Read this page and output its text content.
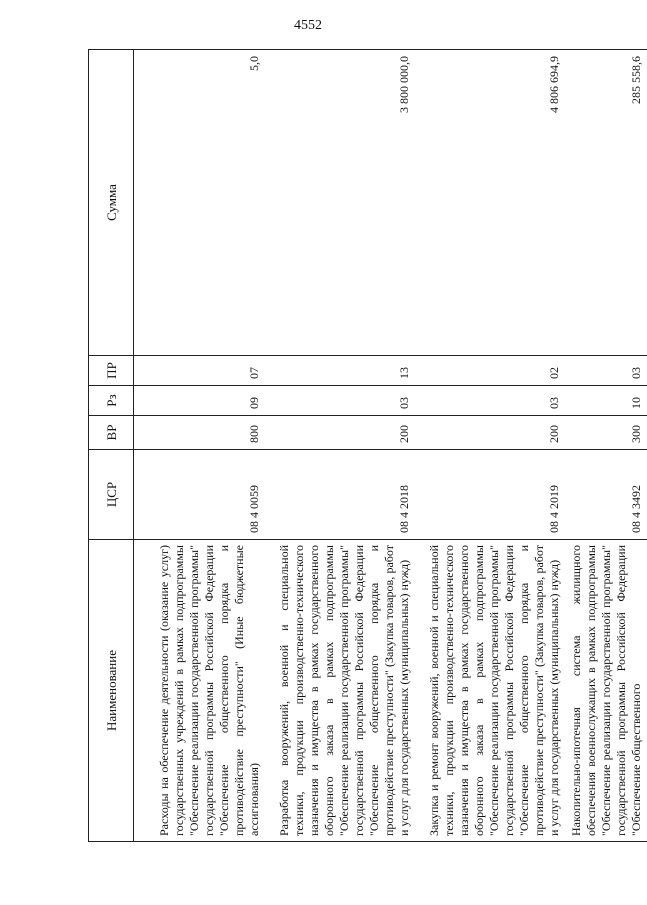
4552
Наименование	ЦСР	ВР	Рз	ПР	Сумма
Расходы на обеспечение деятельности (оказание услуг) государственных учреждений в рамках подпрограммы "Обеспечение реализации государственной программы" государственной программы Российской Федерации "Обеспечение общественного порядка и противодействие преступности" (Иные бюджетные ассигнования)	08 4 0059	800	09	07	5,0
Разработка вооружений, военной и специальной техники, продукции производственно-технического назначения и имущества в рамках государственного оборонного заказа в рамках подпрограммы "Обеспечение реализации государственной программы" государственной программы Российской Федерации "Обеспечение общественного порядка и противодействие преступности" (Закупка товаров, работ и услуг для государственных (муниципальных) нужд)	08 4 2018	200	03	13	3 800 000,0
Закупка и ремонт вооружений, военной и специальной техники, продукции производственно-технического назначения и имущества в рамках государственного оборонного заказа в рамках подпрограммы "Обеспечение реализации государственной программы" государственной программы Российской Федерации "Обеспечение общественного порядка и противодействие преступности" (Закупка товаров, работ и услуг для государственных (муниципальных) нужд)	08 4 2019	200	03	02	4 806 694,9
Накопительно-ипотечная система жилищного обеспечения военнослужащих в рамках подпрограммы "Обеспечение реализации государственной программы" государственной программы Российской Федерации "Обеспечение общественного	08 4 3492	300	10	03	285 558,6
